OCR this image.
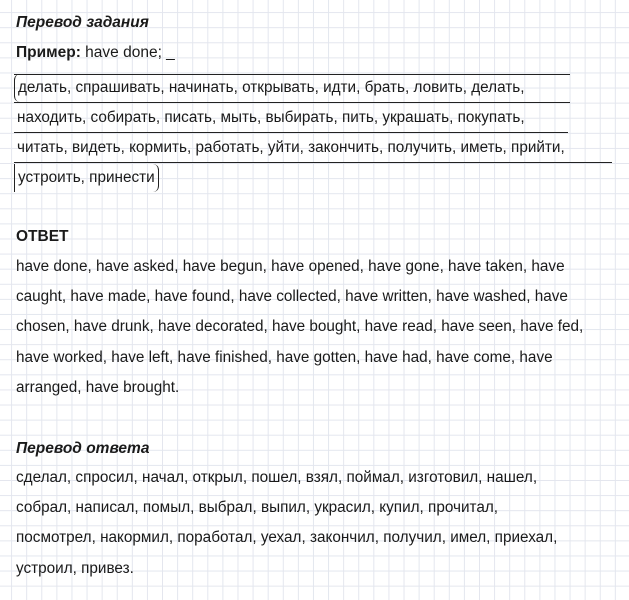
Перевод задания
Пример: have done; _
делать, спрашивать, начинать, открывать, идти, брать, ловить, делать,
находить, собирать, писать, мыть, выбирать, пить, украшать, покупать,
читать, видеть, кормить, работать, уйти, закончить, получить, иметь, прийти,
устроить, принести
ОТВЕТ
have done, have asked, have begun, have opened, have gone, have taken, have
caught, have made, have found, have collected, have written, have washed, have
chosen, have drunk, have decorated, have bought, have read, have seen, have fed,
have worked, have left, have finished, have gotten, have had, have come, have
arranged, have brought.
Перевод ответа
сделал, спросил, начал, открыл, пошел, взял, поймал, изготовил, нашел,
собрал, написал, помыл, выбрал, выпил, украсил, купил, прочитал,
посмотрел, накормил, поработал, уехал, закончил, получил, имел, приехал,
устроил, привез.
